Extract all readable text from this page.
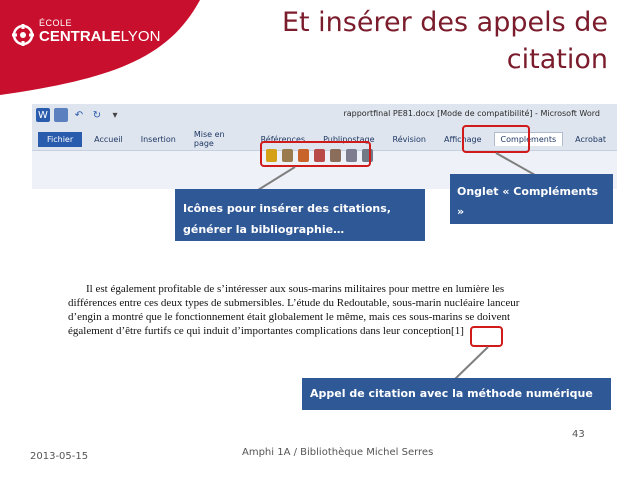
ÉCOLE
CENTRALELYON	Et insérer des appels de
citation
W	↶ ↻	▾	rapportfinal PE81.docx [Mode de compatibilité] - Microsoft Word
Fichier	Accueil	Insertion	Mise en page	Références	Publipostage	Révision	Affichage	Compléments	Acrobat
Icônes pour insérer des citations,
générer la bibliographie…
Onglet « Compléments »
dans la barre de menu
Appel de citation avec la méthode numérique
Il est également profitable de s’intéresser aux sous-marins militaires pour mettre en lumière les
différences entre ces deux types de submersibles. L’étude du Redoutable, sous-marin nucléaire lanceur
d’engin a montré que le fonctionnement était globalement le même, mais ces sous-marins se doivent
également d’être furtifs ce qui induit d’importantes complications dans leur conception[1]
2013-05-15	Amphi 1A / Bibliothèque Michel Serres
43
